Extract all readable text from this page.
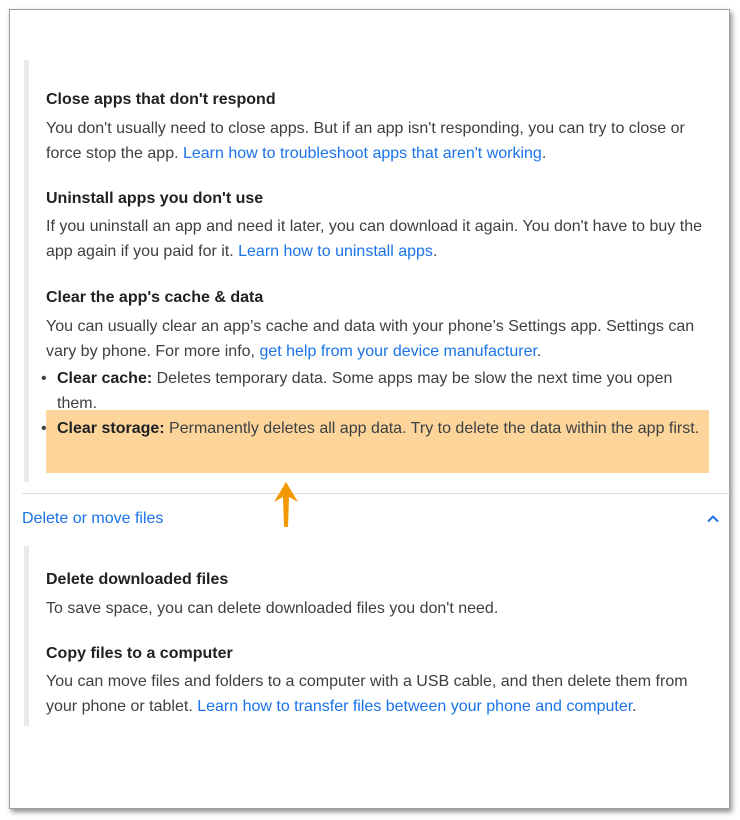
Close apps that don't respond

You don't usually need to close apps. But if an app isn't responding, you can try to close or force stop the app. Learn how to troubleshoot apps that aren't working.

Uninstall apps you don't use

If you uninstall an app and need it later, you can download it again. You don't have to buy the app again if you paid for it. Learn how to uninstall apps.

Clear the app's cache & data

You can usually clear an app’s cache and data with your phone’s Settings app. Settings can vary by phone. For more info, get help from your device manufacturer.

• Clear cache: Deletes temporary data. Some apps may be slow the next time you open them.
• Clear storage: Permanently deletes all app data. Try to delete the data within the app first.
Delete or move files
Delete downloaded files

To save space, you can delete downloaded files you don't need.

Copy files to a computer

You can move files and folders to a computer with a USB cable, and then delete them from your phone or tablet. Learn how to transfer files between your phone and computer.
